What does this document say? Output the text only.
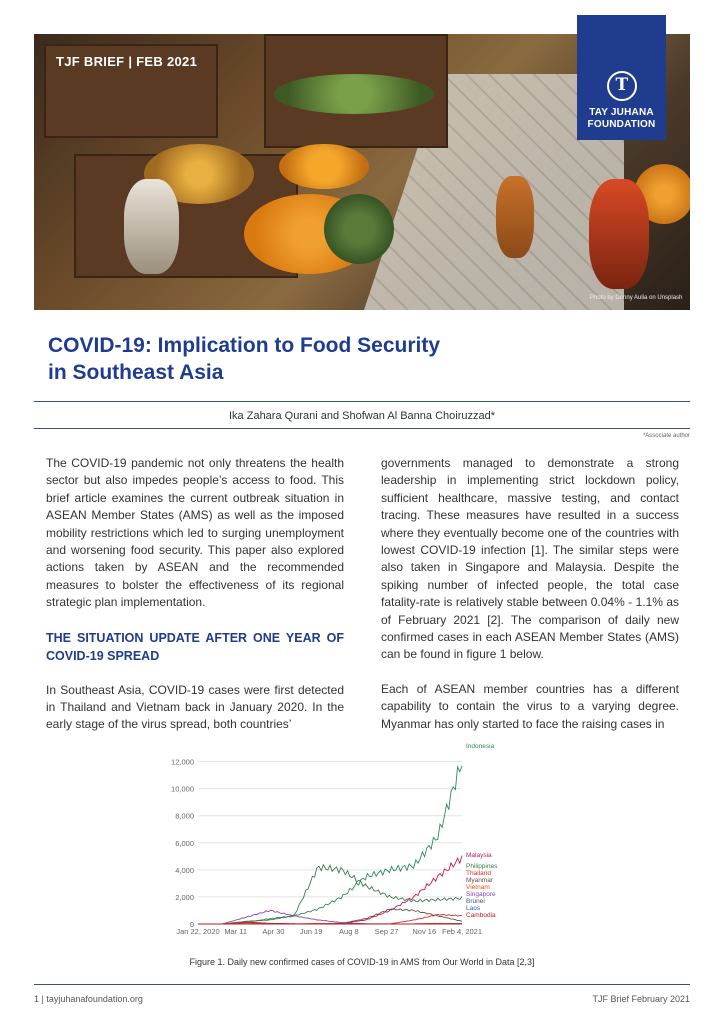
TJF BRIEF | FEB 2021
T
TAY JUHANA
FOUNDATION
Photo by Denny Aulia on Unsplash
COVID-19: Implication to Food Security
in Southeast Asia
Ika Zahara Qurani and Shofwan Al Banna Choiruzzad*
*Associate author

The COVID-19 pandemic not only threatens the health sector but also impedes people’s access to food. This brief article examines the current outbreak situation in ASEAN Member States (AMS) as well as the imposed mobility restrictions which led to surging unemployment and worsening food security. This paper also explored actions taken by ASEAN and the recommended measures to bolster the effectiveness of its regional strategic plan implementation.

THE SITUATION UPDATE AFTER ONE YEAR OF COVID-19 SPREAD

In Southeast Asia, COVID-19 cases were first detected in Thailand and Vietnam back in January 2020. In the early stage of the virus spread, both countries’

governments managed to demonstrate a strong leadership in implementing strict lockdown policy, sufficient healthcare, massive testing, and contact tracing. These measures have resulted in a success where they eventually become one of the countries with lowest COVID-19 infection [1]. The similar steps were also taken in Singapore and Malaysia. Despite the spiking number of infected people, the total case fatality-rate is relatively stable between 0.04% - 1.1% as of February 2021 [2]. The comparison of daily new confirmed cases in each ASEAN Member States (AMS) can be found in figure 1 below.

Each of ASEAN member countries has a different capability to contain the virus to a varying degree. Myanmar has only started to face the raising cases in

0
2,000
4,000
6,000
8,000
10,000
12,000
Jan 22, 2020 Mar 11 Apr 30 Jun 19 Aug 8 Sep 27 Nov 16 Feb 4, 2021
Indonesia
Malaysia
Philippines
Thailand
Myanmar
Vietnam
Singapore
Brunei
Laos
Cambodia
Figure 1. Daily new confirmed cases of COVID-19 in AMS from Our World in Data [2,3]
1 | tayjuhanafoundation.org	TJF Brief February 2021
